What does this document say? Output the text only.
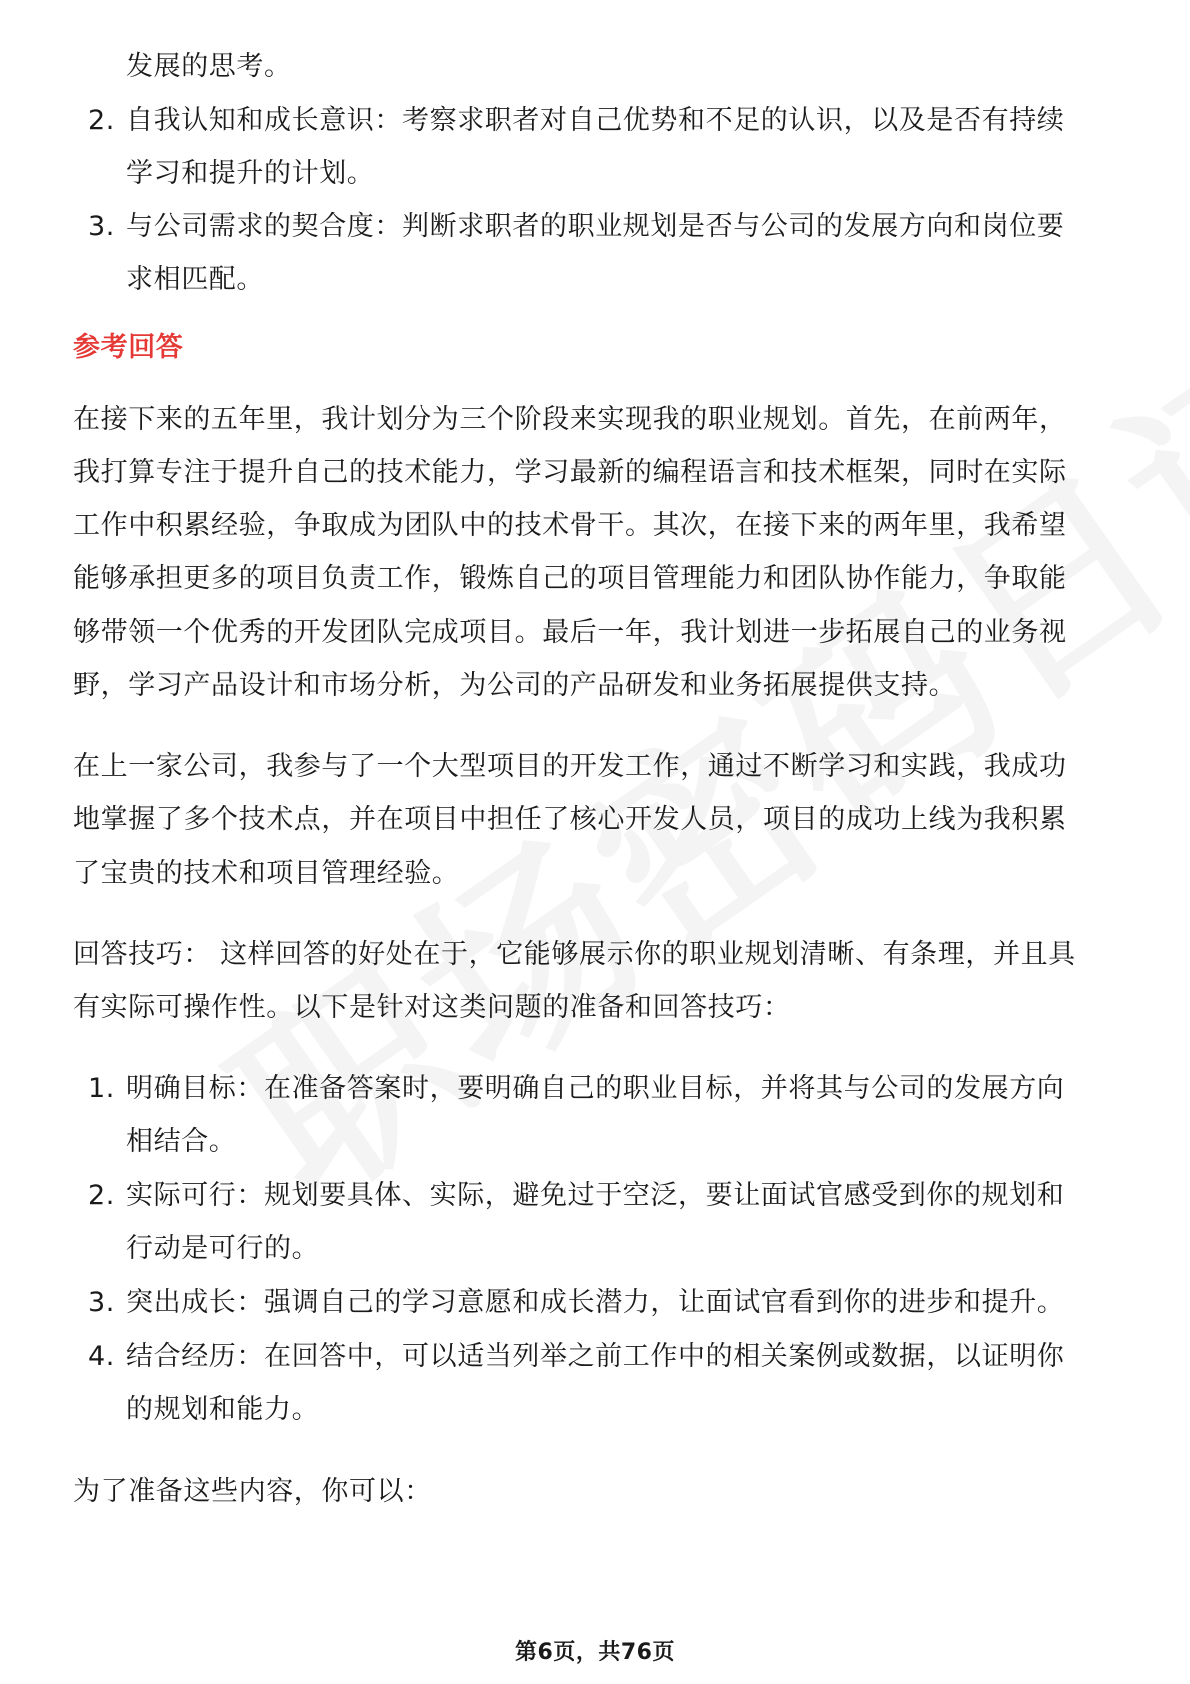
发展的思考。
2. 自我认知和成长意识：考察求职者对自己优势和不足的认识，以及是否有持续
学习和提升的计划。
3. 与公司需求的契合度：判断求职者的职业规划是否与公司的发展方向和岗位要
求相匹配。
参考回答
在接下来的五年里，我计划分为三个阶段来实现我的职业规划。首先，在前两年，
我打算专注于提升自己的技术能力，学习最新的编程语言和技术框架，同时在实际
工作中积累经验，争取成为团队中的技术骨干。其次，在接下来的两年里，我希望
能够承担更多的项目负责工作，锻炼自己的项目管理能力和团队协作能力，争取能
够带领一个优秀的开发团队完成项目。最后一年，我计划进一步拓展自己的业务视
野，学习产品设计和市场分析，为公司的产品研发和业务拓展提供支持。
在上一家公司，我参与了一个大型项目的开发工作，通过不断学习和实践，我成功
地掌握了多个技术点，并在项目中担任了核心开发人员，项目的成功上线为我积累
了宝贵的技术和项目管理经验。
回答技巧： 这样回答的好处在于，它能够展示你的职业规划清晰、有条理，并且具
有实际可操作性。以下是针对这类问题的准备和回答技巧：
1. 明确目标：在准备答案时，要明确自己的职业目标，并将其与公司的发展方向
相结合。
2. 实际可行：规划要具体、实际，避免过于空泛，要让面试官感受到你的规划和
行动是可行的。
3. 突出成长：强调自己的学习意愿和成长潜力，让面试官看到你的进步和提升。
4. 结合经历：在回答中，可以适当列举之前工作中的相关案例或数据，以证明你
的规划和能力。
为了准备这些内容，你可以：
第6页，共76页
